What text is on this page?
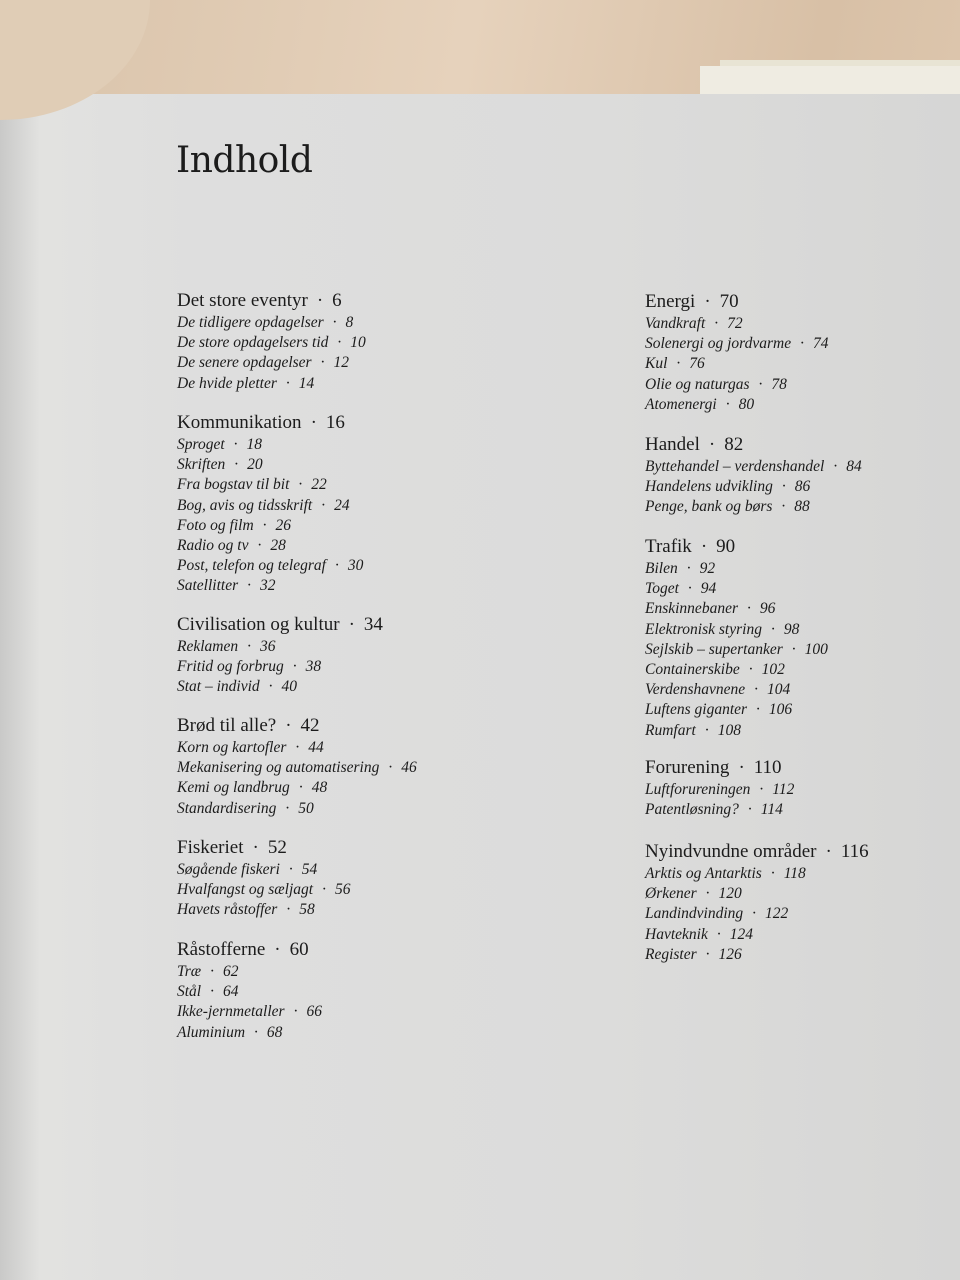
Indhold
Det store eventyr · 6
De tidligere opdagelser · 8
De store opdagelsers tid · 10
De senere opdagelser · 12
De hvide pletter · 14
Kommunikation · 16
Sproget · 18
Skriften · 20
Fra bogstav til bit · 22
Bog, avis og tidsskrift · 24
Foto og film · 26
Radio og tv · 28
Post, telefon og telegraf · 30
Satellitter · 32
Civilisation og kultur · 34
Reklamen · 36
Fritid og forbrug · 38
Stat – individ · 40
Brød til alle? · 42
Korn og kartofler · 44
Mekanisering og automatisering · 46
Kemi og landbrug · 48
Standardisering · 50
Fiskeriet · 52
Søgående fiskeri · 54
Hvalfangst og sæljagt · 56
Havets råstoffer · 58
Råstofferne · 60
Træ · 62
Stål · 64
Ikke-jernmetaller · 66
Aluminium · 68
Energi · 70
Vandkraft · 72
Solenergi og jordvarme · 74
Kul · 76
Olie og naturgas · 78
Atomenergi · 80
Handel · 82
Byttehandel – verdenshandel · 84
Handelens udvikling · 86
Penge, bank og børs · 88
Trafik · 90
Bilen · 92
Toget · 94
Enskinnebaner · 96
Elektronisk styring · 98
Sejlskib – supertanker · 100
Containerskibe · 102
Verdenshavnene · 104
Luftens giganter · 106
Rumfart · 108
Forurening · 110
Luftforureningen · 112
Patentløsning? · 114
Nyindvundne områder · 116
Arktis og Antarktis · 118
Ørkener · 120
Landindvinding · 122
Havteknik · 124
Register · 126
